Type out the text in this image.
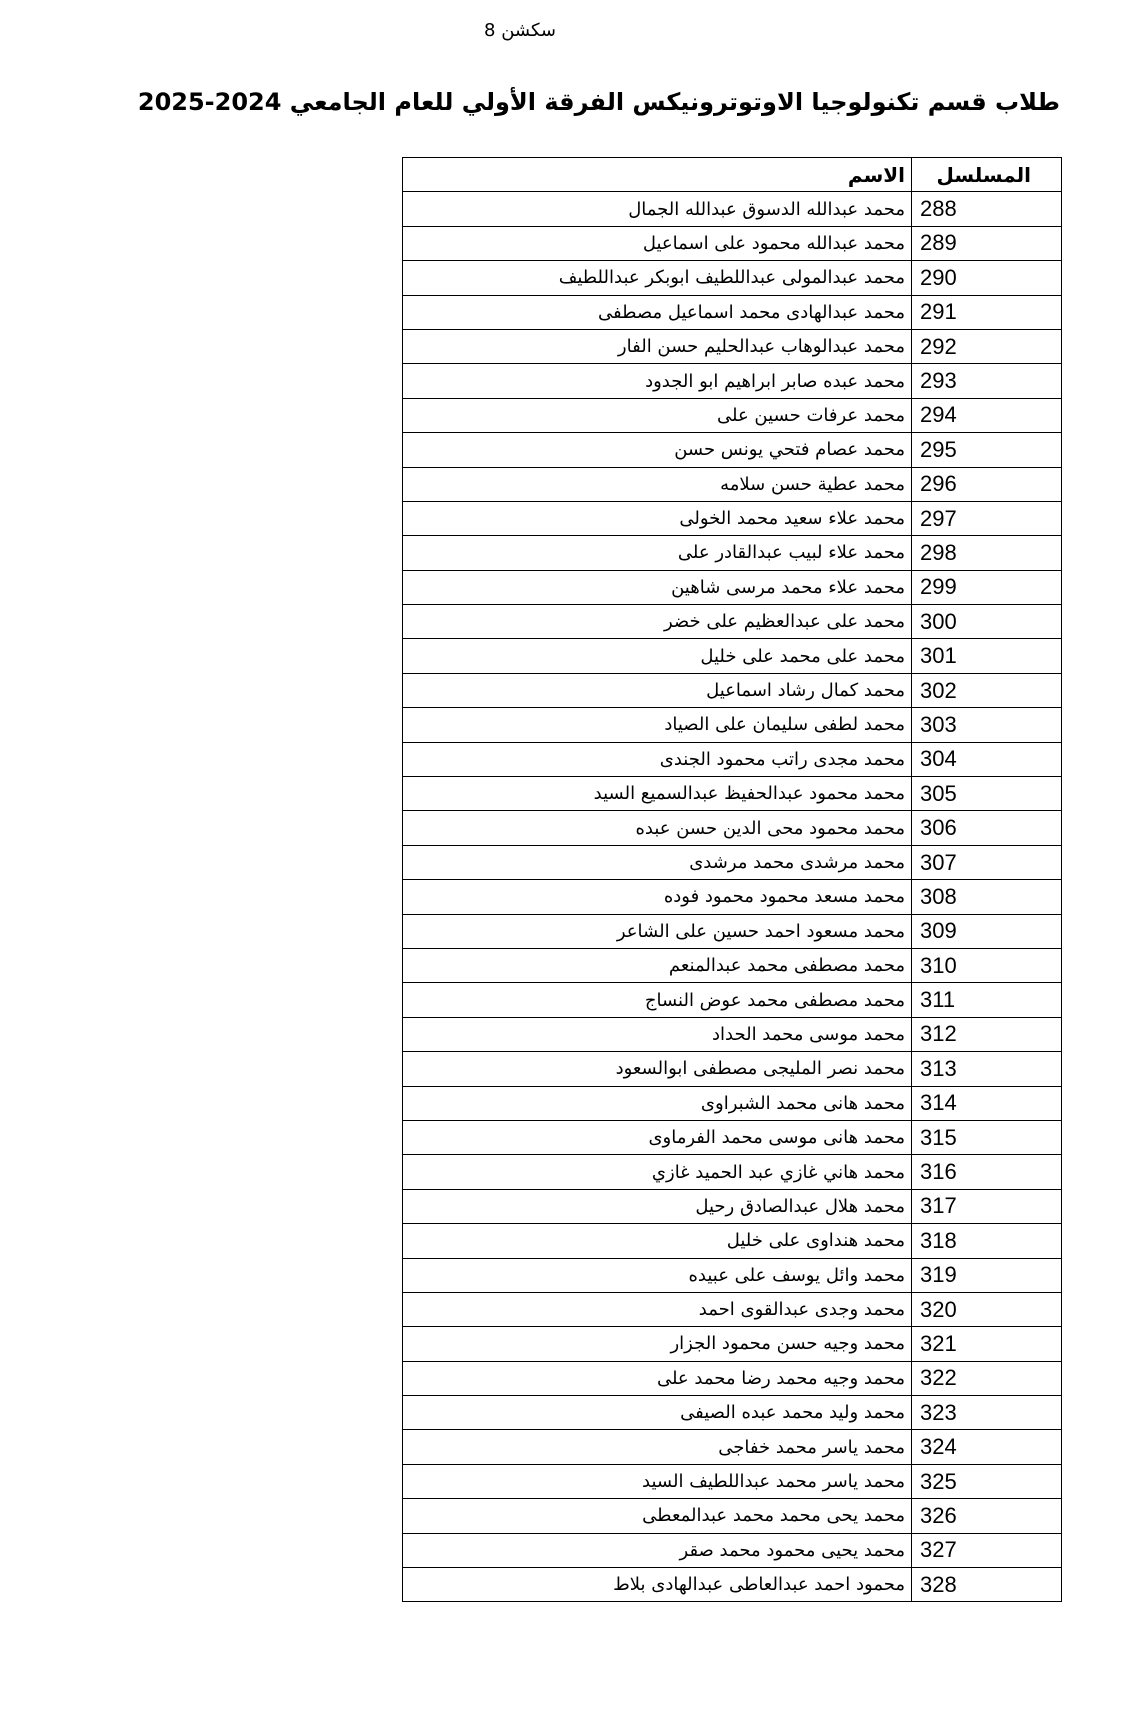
سكشن 8
طلاب قسم تكنولوجيا الاوتوترونيكس الفرقة الأولي للعام الجامعي 2024-2025
المسلسل	الاسم
288	محمد عبدالله الدسوق عبدالله الجمال
289	محمد عبدالله محمود على اسماعيل
290	محمد عبدالمولى عبداللطيف ابوبكر عبداللطيف
291	محمد عبدالهادى محمد اسماعيل مصطفى
292	محمد عبدالوهاب عبدالحليم حسن الفار
293	محمد عبده صابر ابراهيم ابو الجدود
294	محمد عرفات حسين على
295	محمد عصام فتحي يونس حسن
296	محمد عطية حسن سلامه
297	محمد علاء سعيد محمد الخولى
298	محمد علاء لبيب عبدالقادر على
299	محمد علاء محمد مرسى شاهين
300	محمد على عبدالعظيم على خضر
301	محمد على محمد على خليل
302	محمد كمال رشاد اسماعيل
303	محمد لطفى سليمان على الصياد
304	محمد مجدى راتب محمود الجندى
305	محمد محمود عبدالحفيظ عبدالسميع السيد
306	محمد محمود محى الدين حسن عبده
307	محمد مرشدى محمد مرشدى
308	محمد مسعد محمود محمود فوده
309	محمد مسعود احمد حسين على الشاعر
310	محمد مصطفى محمد عبدالمنعم
311	محمد مصطفى محمد عوض النساج
312	محمد موسى محمد الحداد
313	محمد نصر المليجى مصطفى ابوالسعود
314	محمد هانى محمد الشبراوى
315	محمد هانى موسى محمد الفرماوى
316	محمد هاني غازي عبد الحميد غازي
317	محمد هلال عبدالصادق رحيل
318	محمد هنداوى على خليل
319	محمد وائل يوسف على عبيده
320	محمد وجدى عبدالقوى احمد
321	محمد وجيه حسن محمود الجزار
322	محمد وجيه محمد رضا محمد على
323	محمد وليد محمد عبده الصيفى
324	محمد ياسر محمد خفاجى
325	محمد ياسر محمد عبداللطيف السيد
326	محمد يحى محمد محمد عبدالمعطى
327	محمد يحيى محمود محمد صقر
328	محمود احمد عبدالعاطى عبدالهادى بلاط
